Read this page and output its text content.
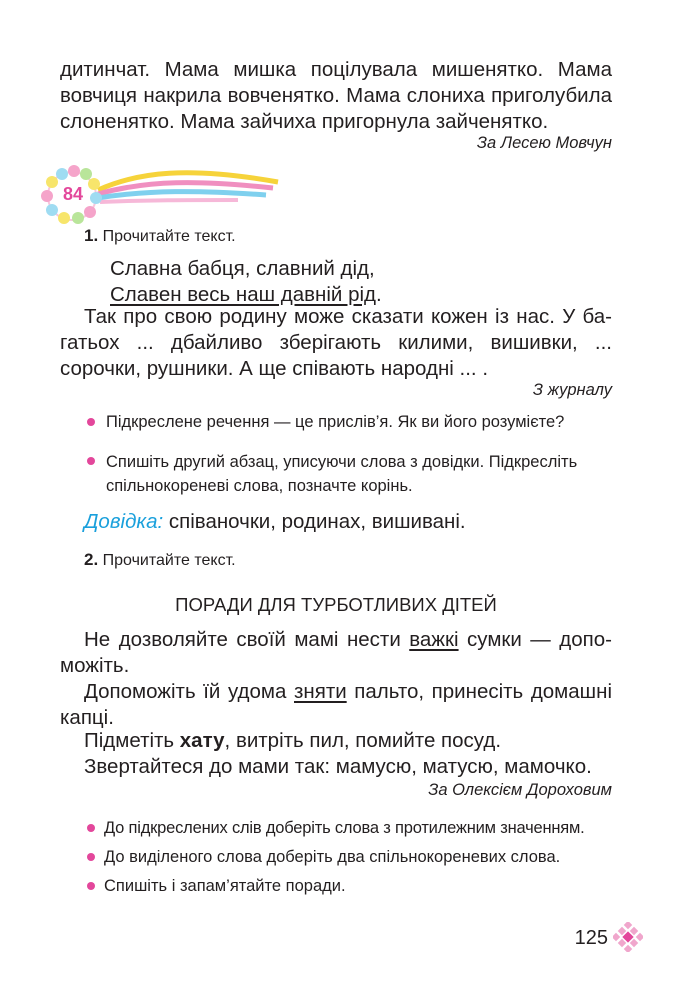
дитинчат. Мама мишка поцілувала мишенятко. Мама
вовчиця накрила вовченятко. Мама слониха приголубила
слоненятко. Мама зайчиха пригорнула зайченятко.
За Лесею Мовчун
84
1. Прочитайте текст.
Славна бабця, славний дід,
Славен весь наш давній рід.
Так про свою родину може сказати кожен із нас. У ба-
гатьох ... дбайливо зберігають килими, вишивки, ...
сорочки, рушники. А ще співають народні ... .
З журналу
Підкреслене речення — це прислів’я. Як ви його розумієте?
Спишіть другий абзац, уписуючи слова з довідки. Підкресліть
спільнокореневі слова, позначте корінь.
Довідка: співаночки, родинах, вишивані.
2. Прочитайте текст.
ПОРАДИ ДЛЯ ТУРБОТЛИВИХ ДІТЕЙ
Не дозволяйте своїй мамі нести важкі сумки — допо-
можіть.
Допоможіть їй удома зняти пальто, принесіть домашні
капці.
Підметіть хату, витріть пил, помийте посуд.
Звертайтеся до мами так: мамусю, матусю, мамочко.
За Олексієм Дороховим
До підкреслених слів доберіть слова з протилежним значенням.
До виділеного слова доберіть два спільнокореневих слова.
Спишіть і запам’ятайте поради.
125
